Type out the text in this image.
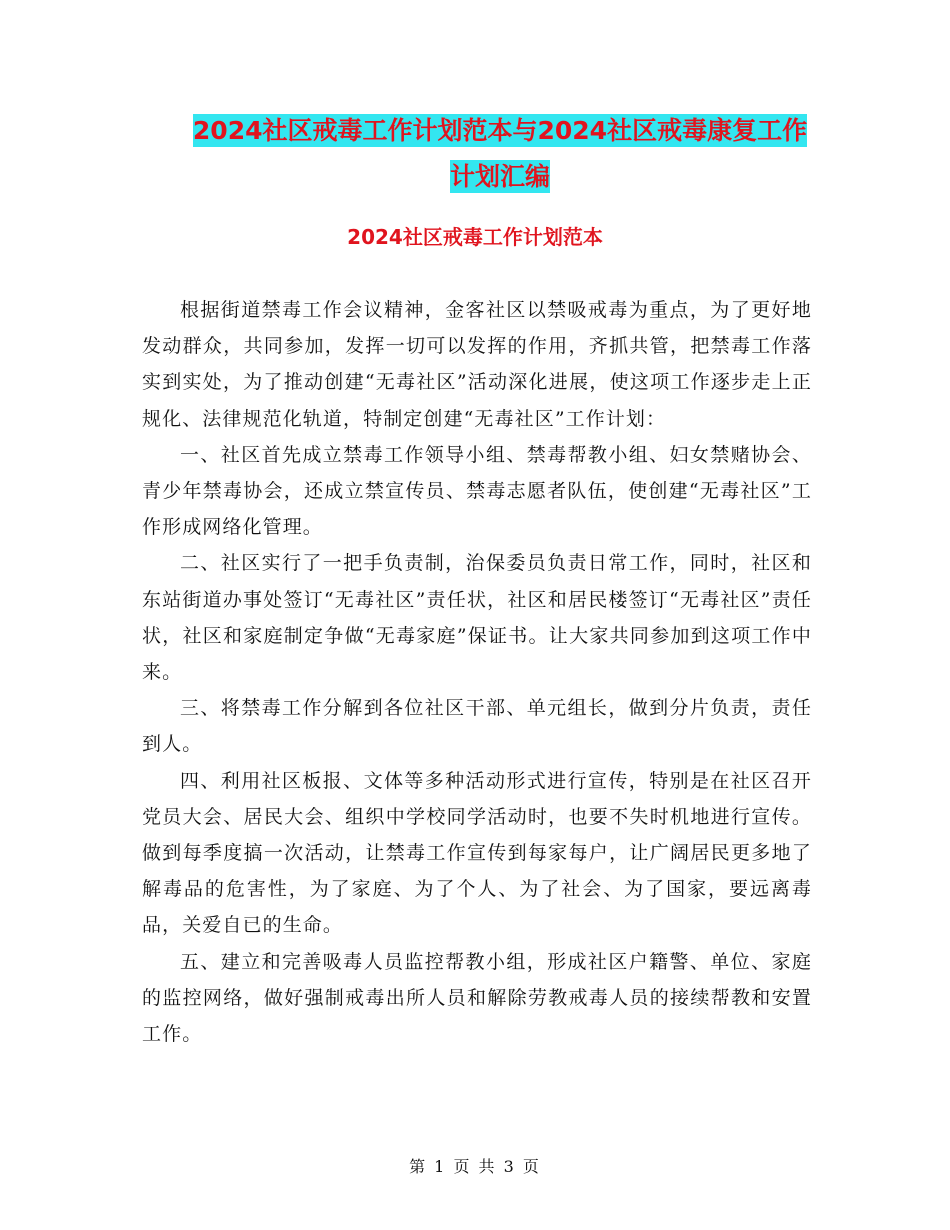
2024社区戒毒工作计划范本与2024社区戒毒康复工作
计划汇编
2024社区戒毒工作计划范本

根据街道禁毒工作会议精神，金客社区以禁吸戒毒为重点，为了更好地发动群众，共同参加，发挥一切可以发挥的作用，齐抓共管，把禁毒工作落实到实处，为了推动创建“无毒社区”活动深化进展，使这项工作逐步走上正规化、法律规范化轨道，特制定创建“无毒社区”工作计划：

一、社区首先成立禁毒工作领导小组、禁毒帮教小组、妇女禁赌协会、青少年禁毒协会，还成立禁宣传员、禁毒志愿者队伍，使创建“无毒社区”工作形成网络化管理。

二、社区实行了一把手负责制，治保委员负责日常工作，同时，社区和东站街道办事处签订“无毒社区”责任状，社区和居民楼签订“无毒社区”责任状，社区和家庭制定争做“无毒家庭”保证书。让大家共同参加到这项工作中来。

三、将禁毒工作分解到各位社区干部、单元组长，做到分片负责，责任到人。

四、利用社区板报、文体等多种活动形式进行宣传，特别是在社区召开党员大会、居民大会、组织中学校同学活动时，也要不失时机地进行宣传。做到每季度搞一次活动，让禁毒工作宣传到每家每户，让广阔居民更多地了解毒品的危害性，为了家庭、为了个人、为了社会、为了国家，要远离毒品，关爱自已的生命。

五、建立和完善吸毒人员监控帮教小组，形成社区户籍警、单位、家庭的监控网络，做好强制戒毒出所人员和解除劳教戒毒人员的接续帮教和安置工作。

第 1 页 共 3 页
